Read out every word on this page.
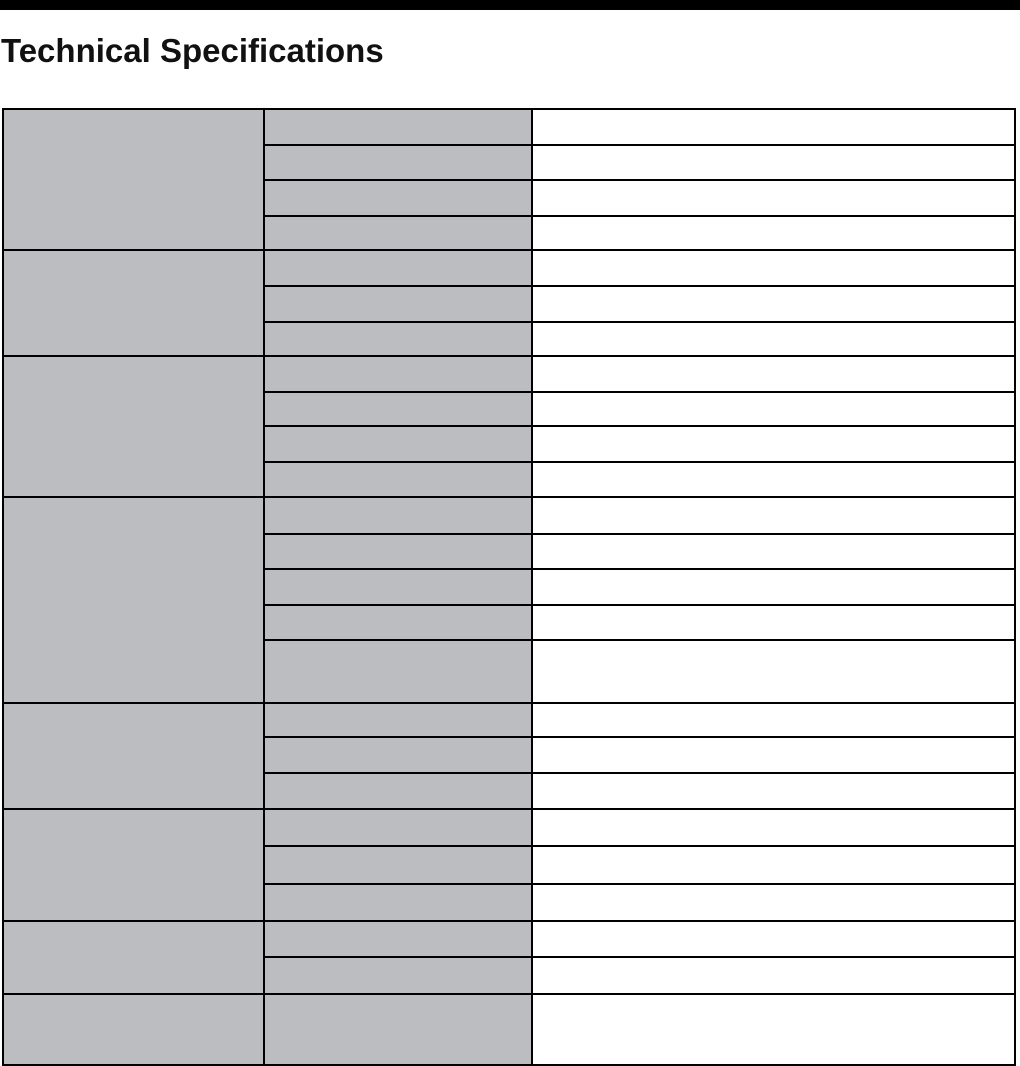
Technical Specifications
